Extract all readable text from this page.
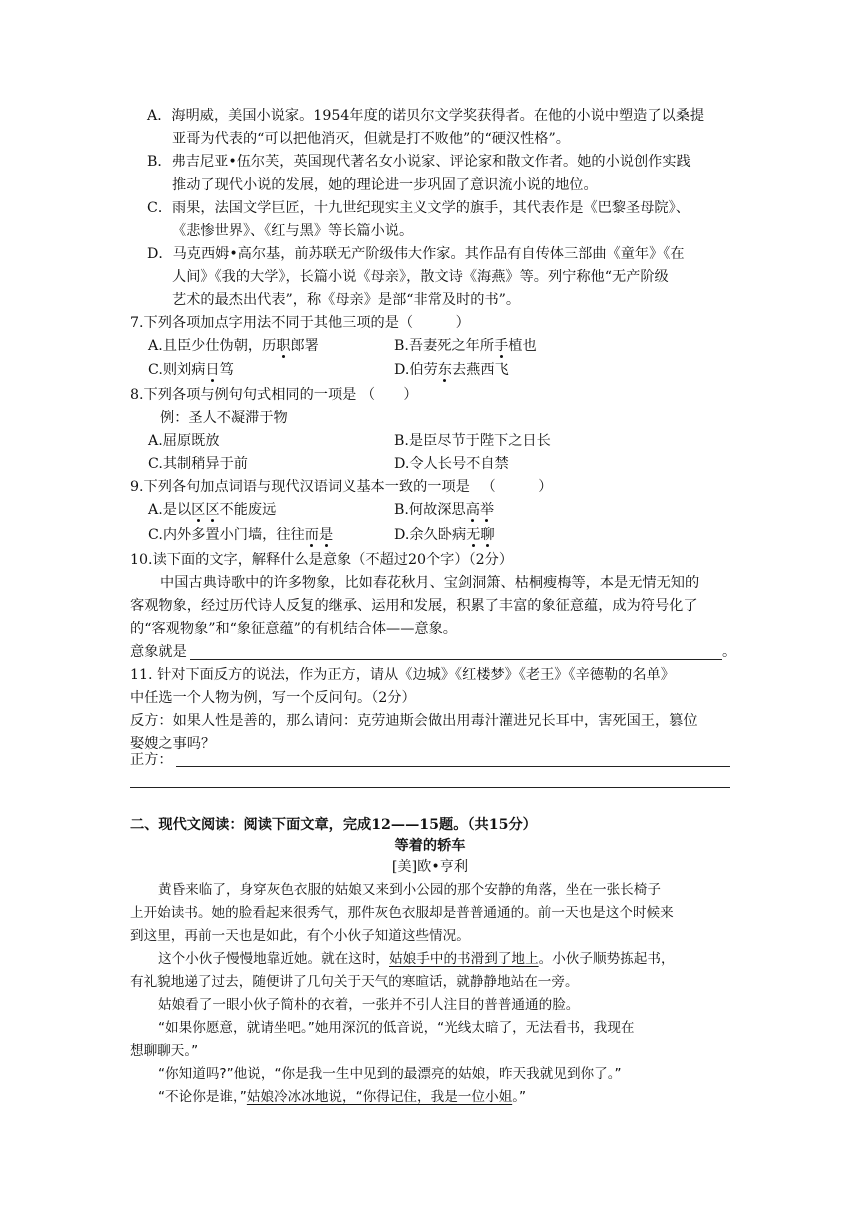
A．海明威，美国小说家。1954年度的诺贝尔文学奖获得者。在他的小说中塑造了以桑提
亚哥为代表的“可以把他消灭，但就是打不败他”的“硬汉性格”。
B．弗吉尼亚•伍尔芙，英国现代著名女小说家、评论家和散文作者。她的小说创作实践
推动了现代小说的发展，她的理论进一步巩固了意识流小说的地位。
C．雨果，法国文学巨匠，十九世纪现实主义文学的旗手，其代表作是《巴黎圣母院》、
《悲惨世界》、《红与黑》等长篇小说。
D．马克西姆•高尔基，前苏联无产阶级伟大作家。其作品有自传体三部曲《童年》《在
人间》《我的大学》，长篇小说《母亲》，散文诗《海燕》等。列宁称他“无产阶级
艺术的最杰出代表”，称《母亲》是部“非常及时的书”。
7.下列各项加点字用法不同于其他三项的是（　　　）
A.且臣少仕伪朝，历职郎署	B.吾妻死之年所手植也
C.则刘病日笃	D.伯劳东去燕西飞
8.下列各项与例句句式相同的一项是 （　　）
例：圣人不凝滞于物
A.屈原既放	B.是臣尽节于陛下之日长
C.其制稍异于前	D.令人长号不自禁
9.下列各句加点词语与现代汉语词义基本一致的一项是 　（　　　）
A.是以区区不能废远	B.何故深思高举
C.内外多置小门墙，往往而是	D.余久卧病无聊
10.读下面的文字，解释什么是意象（不超过20个字）（2分）
中国古典诗歌中的许多物象，比如春花秋月、宝剑洞箫、枯桐瘦梅等，本是无情无知的
客观物象，经过历代诗人反复的继承、运用和发展，积累了丰富的象征意蕴，成为符号化了
的“客观物象”和“象征意蕴”的有机结合体——意象。
意象就是	。
11. 针对下面反方的说法，作为正方，请从《边城》《红楼梦》《老王》《辛德勒的名单》
中任选一个人物为例，写一个反问句。（2分）
反方：如果人性是善的，那么请问：克劳迪斯会做出用毒汁灌进兄长耳中，害死国王，篡位
娶嫂之事吗？
正方：
二、现代文阅读：阅读下面文章，完成12——15题。（共15分）
等着的轿车
[美]欧•亨利
黄昏来临了，身穿灰色衣服的姑娘又来到小公园的那个安静的角落，坐在一张长椅子
上开始读书。她的脸看起来很秀气，那件灰色衣服却是普普通通的。前一天也是这个时候来
到这里，再前一天也是如此，有个小伙子知道这些情况。
这个小伙子慢慢地靠近她。就在这时，姑娘手中的书滑到了地上。小伙子顺势拣起书，
有礼貌地递了过去，随便讲了几句关于天气的寒暄话，就静静地站在一旁。
姑娘看了一眼小伙子简朴的衣着，一张并不引人注目的普普通通的脸。
“如果你愿意，就请坐吧。”她用深沉的低音说，“光线太暗了，无法看书，我现在
想聊聊天。”
“你知道吗?”他说，“你是我一生中见到的最漂亮的姑娘，昨天我就见到你了。”
“不论你是谁，”姑娘冷冰冰地说，“你得记住，我是一位小姐。”
